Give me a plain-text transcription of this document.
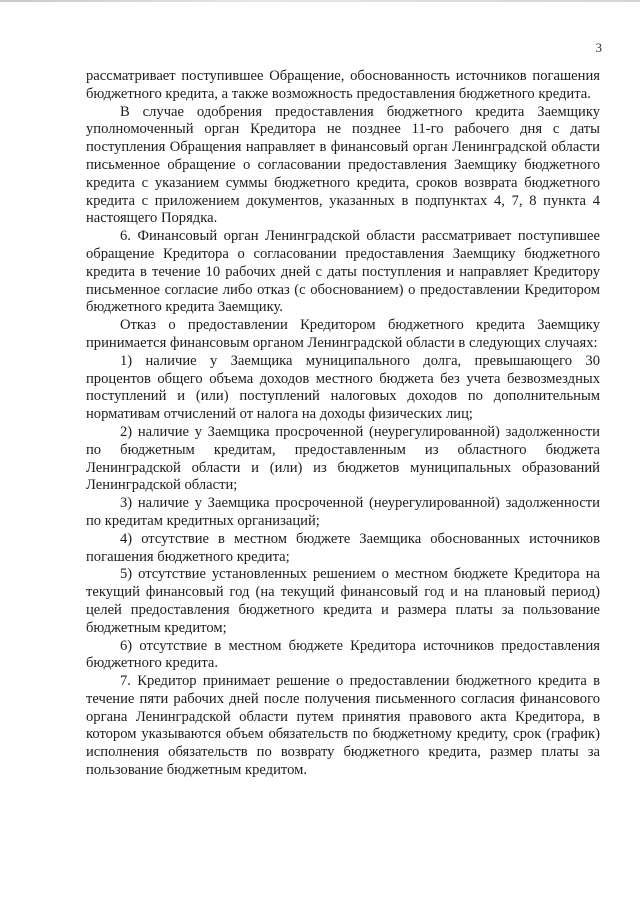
3

рассматривает поступившее Обращение, обоснованность источников погашения бюджетного кредита, а также возможность предоставления бюджетного кредита.

В случае одобрения предоставления бюджетного кредита Заемщику уполномоченный орган Кредитора не позднее 11-го рабочего дня с даты поступления Обращения направляет в финансовый орган Ленинградской области письменное обращение о согласовании предоставления Заемщику бюджетного кредита с указанием суммы бюджетного кредита, сроков возврата бюджетного кредита с приложением документов, указанных в подпунктах 4, 7, 8 пункта 4 настоящего Порядка.

6. Финансовый орган Ленинградской области рассматривает поступившее обращение Кредитора о согласовании предоставления Заемщику бюджетного кредита в течение 10 рабочих дней с даты поступления и направляет Кредитору письменное согласие либо отказ (с обоснованием) о предоставлении Кредитором бюджетного кредита Заемщику.

Отказ о предоставлении Кредитором бюджетного кредита Заемщику принимается финансовым органом Ленинградской области в следующих случаях:

1) наличие у Заемщика муниципального долга, превышающего 30 процентов общего объема доходов местного бюджета без учета безвозмездных поступлений и (или) поступлений налоговых доходов по дополнительным нормативам отчислений от налога на доходы физических лиц;

2) наличие у Заемщика просроченной (неурегулированной) задолженности по бюджетным кредитам, предоставленным из областного бюджета Ленинградской области и (или) из бюджетов муниципальных образований Ленинградской области;

3) наличие у Заемщика просроченной (неурегулированной) задолженности по кредитам кредитных организаций;

4) отсутствие в местном бюджете Заемщика обоснованных источников погашения бюджетного кредита;

5) отсутствие установленных решением о местном бюджете Кредитора на текущий финансовый год (на текущий финансовый год и на плановый период) целей предоставления бюджетного кредита и размера платы за пользование бюджетным кредитом;

6) отсутствие в местном бюджете Кредитора источников предоставления бюджетного кредита.

7. Кредитор принимает решение о предоставлении бюджетного кредита в течение пяти рабочих дней после получения письменного согласия финансового органа Ленинградской области путем принятия правового акта Кредитора, в котором указываются объем обязательств по бюджетному кредиту, срок (график) исполнения обязательств по возврату бюджетного кредита, размер платы за пользование бюджетным кредитом.
